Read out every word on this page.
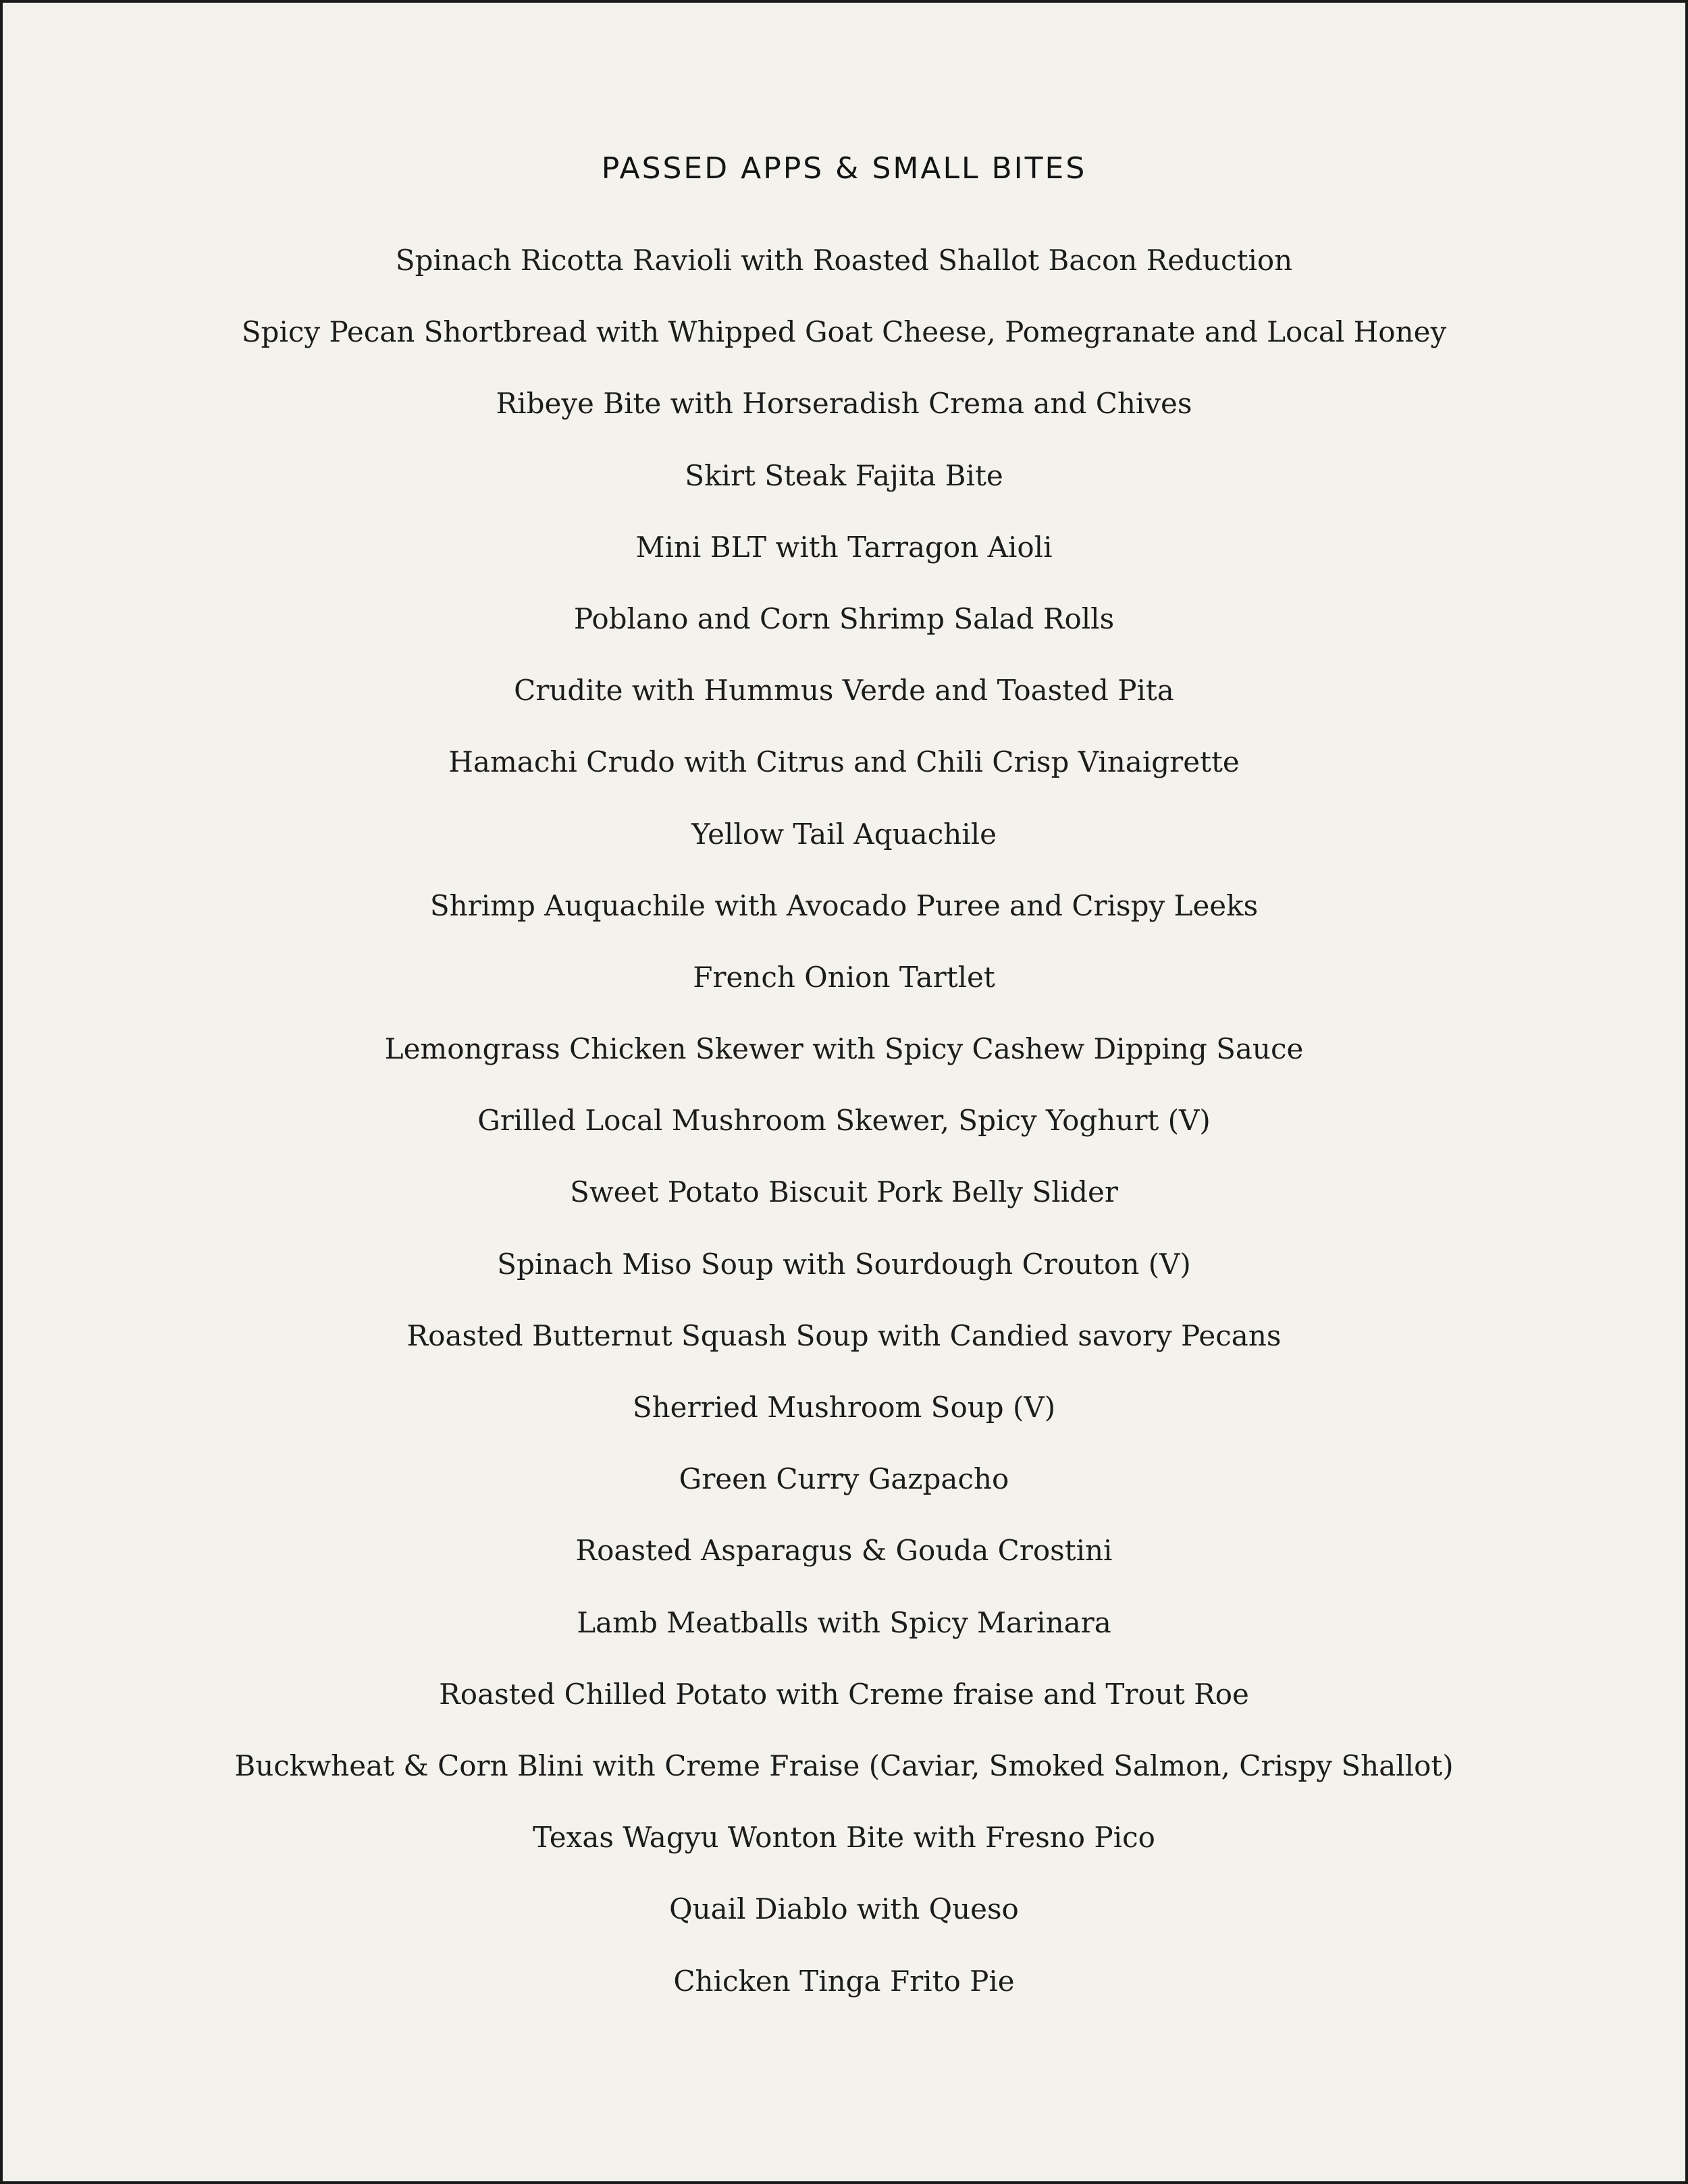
PASSED APPS & SMALL BITES
Spinach Ricotta Ravioli with Roasted Shallot Bacon Reduction
Spicy Pecan Shortbread with Whipped Goat Cheese, Pomegranate and Local Honey
Ribeye Bite with Horseradish Crema and Chives
Skirt Steak Fajita Bite
Mini BLT with Tarragon Aioli
Poblano and Corn Shrimp Salad Rolls
Crudite with Hummus Verde and Toasted Pita
Hamachi Crudo with Citrus and Chili Crisp Vinaigrette
Yellow Tail Aquachile
Shrimp Auquachile with Avocado Puree and Crispy Leeks
French Onion Tartlet
Lemongrass Chicken Skewer with Spicy Cashew Dipping Sauce
Grilled Local Mushroom Skewer, Spicy Yoghurt (V)
Sweet Potato Biscuit Pork Belly Slider
Spinach Miso Soup with Sourdough Crouton (V)
Roasted Butternut Squash Soup with Candied savory Pecans
Sherried Mushroom Soup (V)
Green Curry Gazpacho
Roasted Asparagus & Gouda Crostini
Lamb Meatballs with Spicy Marinara
Roasted Chilled Potato with Creme fraise and Trout Roe
Buckwheat & Corn Blini with Creme Fraise (Caviar, Smoked Salmon, Crispy Shallot)
Texas Wagyu Wonton Bite with Fresno Pico
Quail Diablo with Queso
Chicken Tinga Frito Pie
